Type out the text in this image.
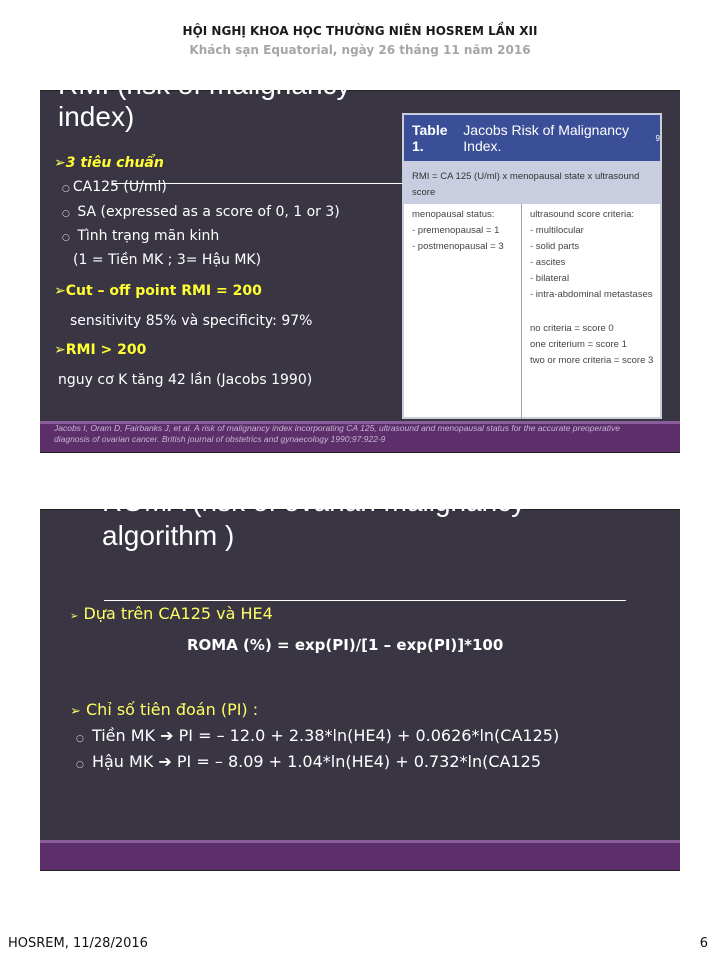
HỘI NGHỊ KHOA HỌC THƯỜNG NIÊN HOSREM LẦN XII
Khách sạn Equatorial, ngày 26 tháng 11 năm 2016
RMI (risk of malignancy
index)
➢3 tiêu chuẩn
○ CA125 (U/ml)
○ SA (expressed as a score of 0, 1 or 3)
○ Tình trạng mãn kinh
(1 = Tiền MK ; 3= Hậu MK)
➢Cut – off point RMI = 200
sensitivity 85% và specificity: 97%
➢RMI > 200
nguy cơ K tăng 42 lần (Jacobs 1990)
Table 1.
Jacobs Risk of Malignancy Index.	9
RMI = CA 125 (U/ml) x menopausal state x ultrasound score
menopausal status:
- premenopausal = 1
- postmenopausal = 3
ultrasound score criteria:
- multilocular
- solid parts
- ascites
- bilateral
- intra-abdominal metastases
no criteria = score 0
one criterium = score 1
two or more criteria = score 3
Jacobs I, Oram D, Fairbanks J, et al. A risk of malignancy index incorporating CA 125, ultrasound and menopausal status for the accurate preoperative diagnosis of ovarian cancer. British journal of obstetrics and gynaecology 1990;97:922-9
ROMA (risk of ovarian malignancy
algorithm )
➢ Dựa trên CA125 và HE4
ROMA (%) = exp(PI)/[1 – exp(PI)]*100
➢ Chỉ số tiên đoán (PI) :
○ Tiền MK ➔ PI = – 12.0 + 2.38*ln(HE4) + 0.0626*ln(CA125)
○ Hậu MK ➔ PI = – 8.09 + 1.04*ln(HE4) + 0.732*ln(CA125
HOSREM, 11/28/2016	6
